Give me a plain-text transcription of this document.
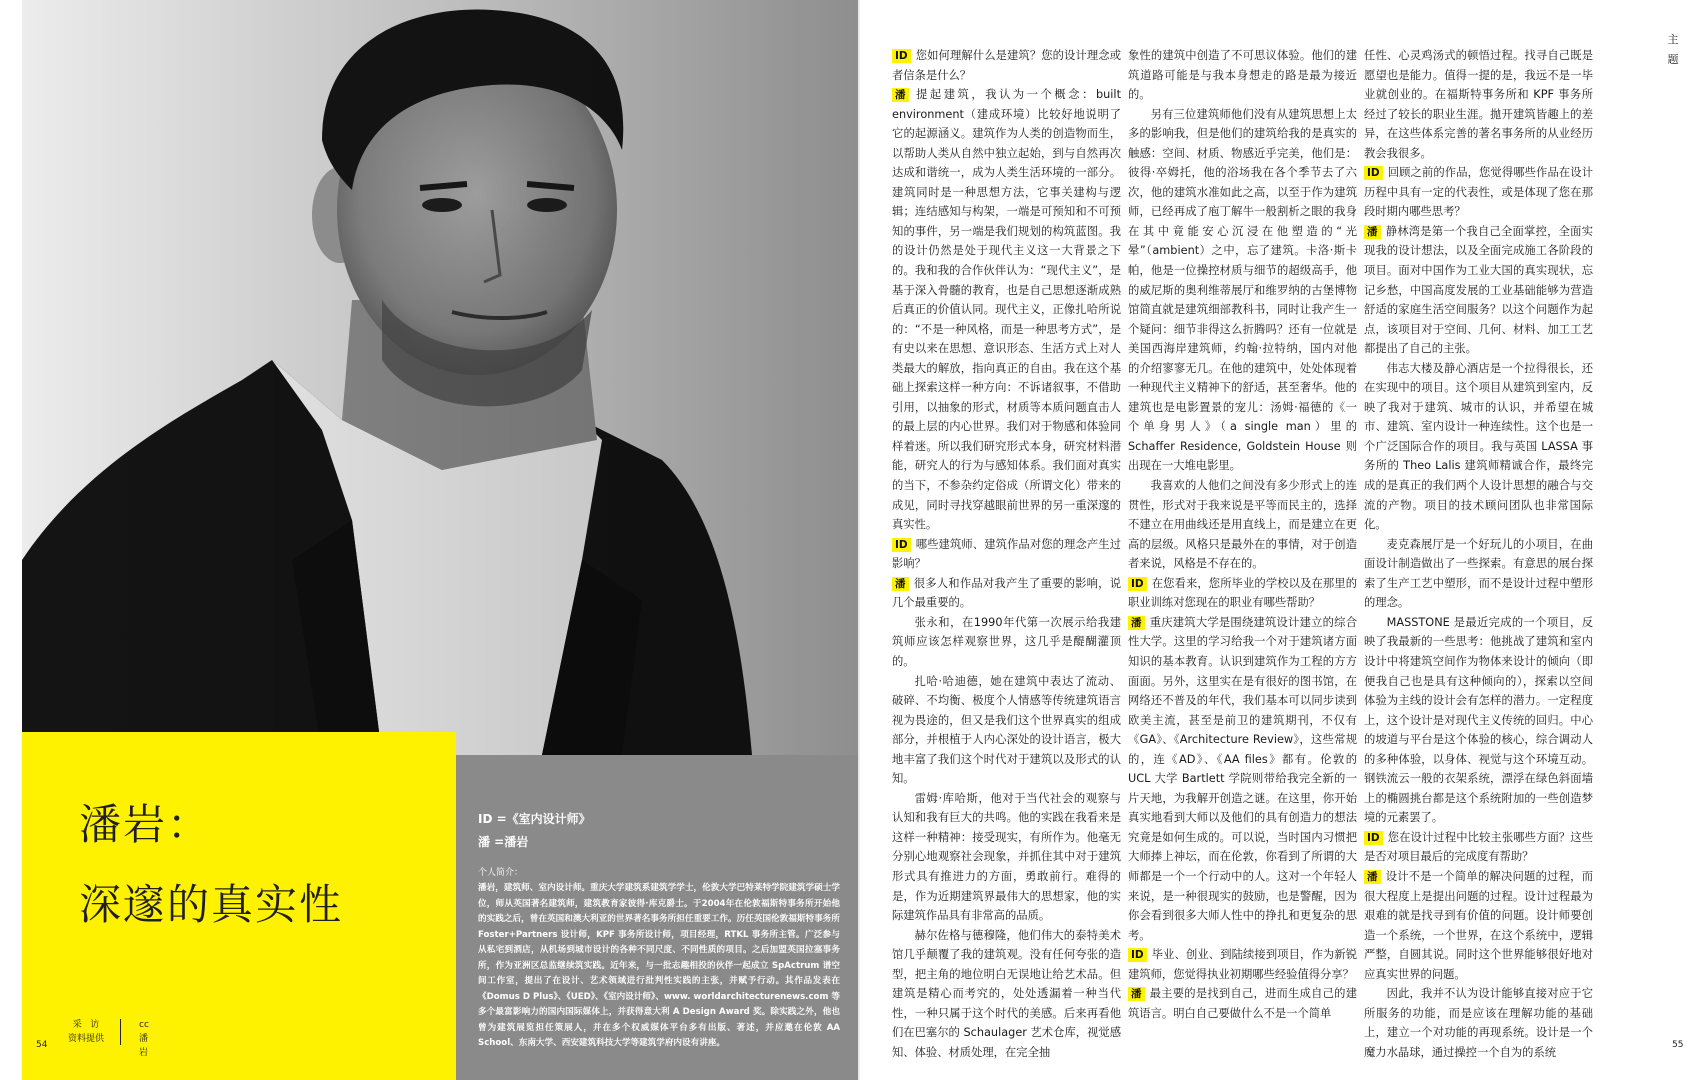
潘岩：
深邃的真实性
54
采 访
资料提供
cc
潘岩
ID =《室内设计师》
潘 =潘岩
个人简介：
潘岩，建筑师、室内设计师。重庆大学建筑系建筑学学士，伦敦大学巴特莱特学院建筑学硕士学位，师从英国著名建筑师，建筑教育家彼得·库克爵士。于2004年在伦敦福斯特事务所开始他的实践之后，曾在英国和澳大利亚的世界著名事务所担任重要工作。历任英国伦敦福斯特事务所 Foster+Partners 设计师，KPF 事务所设计师，项目经理，RTKL 事务所主管。广泛参与从私宅到酒店，从机场到城市设计的各种不同尺度、不同性质的项目。之后加盟英国拉塞事务所，作为亚洲区总监继续筑实践。近年来，与一批志趣相投的伙伴一起成立 SpActrum 谱空间工作室，提出了在设计、艺术领域进行批判性实践的主张，并赋予行动。其作品发表在《Domus D Plus》、《UED》、《室内设计师》、www. worldarchitecturenews.com 等多个最富影响力的国内国际媒体上，并获得意大利 A Design Award 奖。除实践之外，他也曾为建筑展览担任策展人，并在多个权威媒体平台多有出版、著述，并应邀在伦敦 AA School、东南大学、西安建筑科技大学等建筑学府内设有讲座。

ID 您如何理解什么是建筑？您的设计理念或者信条是什么？

潘 提起建筑，我认为一个概念：built environment（建成环境）比较好地说明了它的起源涵义。建筑作为人类的创造物而生，以帮助人类从自然中独立起始，到与自然再次达成和谐统一，成为人类生活环境的一部分。建筑同时是一种思想方法，它事关建构与逻辑；连结感知与构架，一端是可预知和不可预知的事件，另一端是我们规划的构筑蓝图。我的设计仍然是处于现代主义这一大背景之下的。我和我的合作伙伴认为：“现代主义”，是基于深入骨髓的教育，也是自己思想逐渐成熟后真正的价值认同。现代主义，正像扎哈所说的：“不是一种风格，而是一种思考方式”，是有史以来在思想、意识形态、生活方式上对人类最大的解放，指向真正的自由。我在这个基础上探索这样一种方向：不诉诸叙事，不借助引用，以抽象的形式，材质等本质问题直击人的最上层的内心世界。我们对于物感和体验同样着迷。所以我们研究形式本身，研究材料潜能，研究人的行为与感知体系。我们面对真实的当下，不参杂约定俗成（所谓文化）带来的成见，同时寻找穿越眼前世界的另一重深邃的真实性。

ID 哪些建筑师、建筑作品对您的理念产生过影响？

潘 很多人和作品对我产生了重要的影响，说几个最重要的。

张永和，在1990年代第一次展示给我建筑师应该怎样观察世界，这几乎是醍醐灌顶的。

扎哈·哈迪德，她在建筑中表达了流动、破碎、不均衡、极度个人情感等传统建筑语言视为畏途的，但又是我们这个世界真实的组成部分，并根植于人内心深处的设计语言，极大地丰富了我们这个时代对于建筑以及形式的认知。

雷姆·库哈斯，他对于当代社会的观察与认知和我有巨大的共鸣。他的实践在我看来是这样一种精神：接受现实，有所作为。他毫无分别心地观察社会现象，并抓住其中对于建筑形式具有推进力的方面，勇敢前行。难得的是，作为近期建筑界最伟大的思想家，他的实际建筑作品具有非常高的品质。

赫尔佐格与德穆隆，他们伟大的泰特美术馆几乎颠覆了我的建筑观。没有任何夸张的造型，把主角的地位明白无误地让给艺术品。但建筑是精心而考究的，处处透漏着一种当代性，一种只属于这个时代的美感。后来再看他们在巴塞尔的 Schaulager 艺术仓库，视觉感知、体验、材质处理，在完全抽

象性的建筑中创造了不可思议体验。他们的建筑道路可能是与我本身想走的路是最为接近的。

另有三位建筑师他们没有从建筑思想上太多的影响我，但是他们的建筑给我的是真实的触感：空间、材质、物感近乎完美，他们是：彼得·卒姆托，他的浴场我在各个季节去了六次，他的建筑水准如此之高，以至于作为建筑师，已经再成了庖丁解牛一般割析之眼的我身在其中竟能安心沉浸在他塑造的“光晕”（ambient）之中，忘了建筑。卡洛·斯卡帕，他是一位操控材质与细节的超级高手，他的威尼斯的奥利维蒂展厅和维罗纳的古堡博物馆简直就是建筑细部教科书，同时让我产生一个疑问：细节非得这么折腾吗？还有一位就是美国西海岸建筑师，约翰·拉特纳，国内对他的介绍寥寥无几。在他的建筑中，处处体现着一种现代主义精神下的舒适，甚至奢华。他的建筑也是电影置景的宠儿：汤姆·福德的《一个单身男人》（a single man）里的 Schaffer Residence, Goldstein House 则出现在一大堆电影里。

我喜欢的人他们之间没有多少形式上的连贯性，形式对于我来说是平等而民主的，选择不建立在用曲线还是用直线上，而是建立在更高的层级。风格只是最外在的事情，对于创造者来说，风格是不存在的。

ID 在您看来，您所毕业的学校以及在那里的职业训练对您现在的职业有哪些帮助？

潘 重庆建筑大学是围绕建筑设计建立的综合性大学。这里的学习给我一个对于建筑诸方面知识的基本教育。认识到建筑作为工程的方方面面。另外，这里实在是有很好的图书馆，在网络还不普及的年代，我们基本可以同步读到欧美主流，甚至是前卫的建筑期刊，不仅有《GA》、《Architecture Review》，这些常规的，连《AD》、《AA files》都有。伦敦的 UCL 大学 Bartlett 学院则带给我完全新的一片天地，为我解开创造之谜。在这里，你开始真实地看到大师以及他们的具有创造力的想法究竟是如何生成的。可以说，当时国内习惯把大师捧上神坛，而在伦敦，你看到了所谓的大师都是一个一个行动中的人。这对一个年轻人来说，是一种很现实的鼓励，也是警醒，因为你会看到很多大师人性中的挣扎和更复杂的思考。

ID 毕业、创业、到陆续接到项目，作为新锐建筑师，您觉得执业初期哪些经验值得分享？

潘 最主要的是找到自己，进而生成自己的建筑语言。明白自己要做什么不是一个简单

任性、心灵鸡汤式的顿悟过程。找寻自己既是愿望也是能力。值得一提的是，我远不是一毕业就创业的。在福斯特事务所和 KPF 事务所经过了较长的职业生涯。拋开建筑皆趣上的差异，在这些体系完善的著名事务所的从业经历教会我很多。

ID 回顾之前的作品，您觉得哪些作品在设计历程中具有一定的代表性，或是体现了您在那段时期内哪些思考？

潘 静林湾是第一个我自己全面掌控，全面实现我的设计想法，以及全面完成施工各阶段的项目。面对中国作为工业大国的真实现状，忘记乡愁，中国高度发展的工业基础能够为营造舒适的家庭生活空间服务？以这个问题作为起点，该项目对于空间、几何、材料、加工工艺都提出了自己的主张。

伟志大楼及静心酒店是一个拉得很长，还在实现中的项目。这个项目从建筑到室内，反映了我对于建筑、城市的认识，并希望在城市、建筑、室内设计一种连续性。这个也是一个广泛国际合作的项目。我与英国 LASSA 事务所的 Theo Lalis 建筑师精诚合作，最终完成的是真正的我们两个人设计思想的融合与交流的产物。项目的技术顾问团队也非常国际化。

麦克森展厅是一个好玩儿的小项目，在曲面设计制造做出了一些探索。有意思的展台探索了生产工艺中塑形，而不是设计过程中塑形的理念。

MASSTONE 是最近完成的一个项目，反映了我最新的一些思考：他挑战了建筑和室内设计中将建筑空间作为物体来设计的倾向（即便我自己也是具有这种倾向的），探索以空间体验为主线的设计会有怎样的潜力。一定程度上，这个设计是对现代主义传统的回归。中心的坡道与平台是这个体验的核心，综合调动人的多种体验，以身体、视觉与这个环境互动。钢铁流云一般的衣架系统，漂浮在绿色斜面墙上的椭圆挑台都是这个系统附加的一些创造梦境的元素罢了。

ID 您在设计过程中比较主张哪些方面？这些是否对项目最后的完成度有帮助？

潘 设计不是一个简单的解决问题的过程，而很大程度上是提出问题的过程。设计过程最为艰难的就是找寻到有价值的问题。设计师要创造一个系统，一个世界，在这个系统中，逻辑严整，自圆其说。同时这个世界能够很好地对应真实世界的问题。

因此，我并不认为设计能够直接对应于它所服务的功能，而是应该在理解功能的基础上，建立一个对功能的再现系统。设计是一个魔力水晶球，通过操控一个自为的系统

主
题
55
